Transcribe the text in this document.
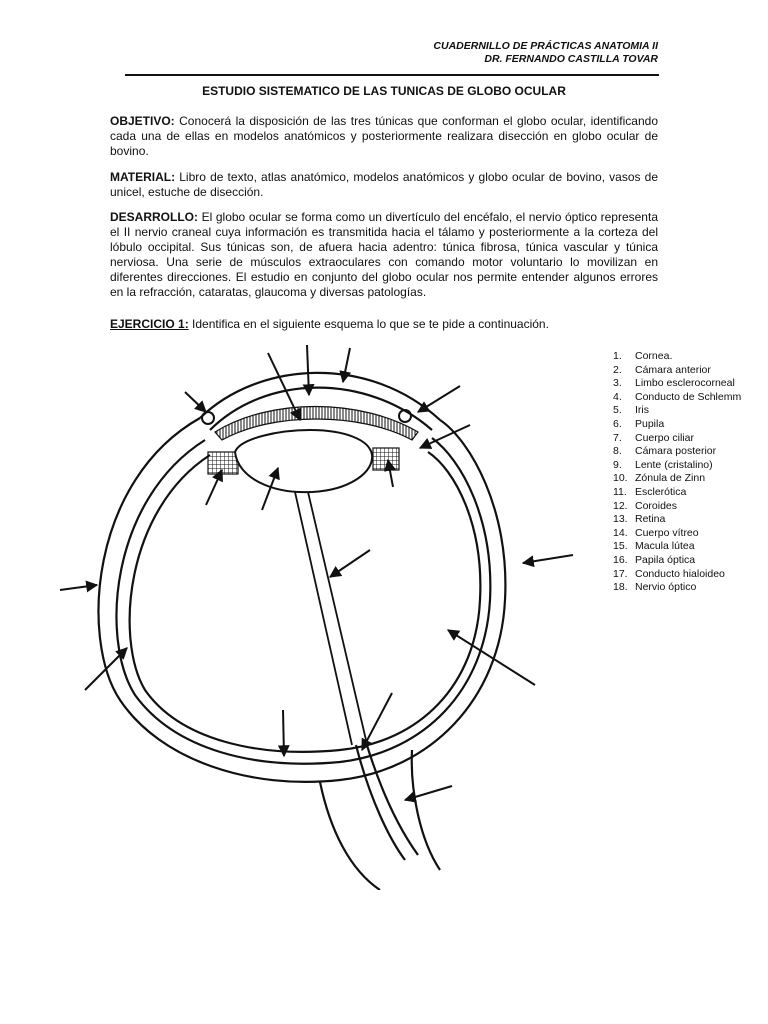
CUADERNILLO DE PRÁCTICAS ANATOMIA II
DR. FERNANDO CASTILLA TOVAR
ESTUDIO SISTEMATICO DE LAS TUNICAS DE GLOBO OCULAR

OBJETIVO: Conocerá la disposición de las tres túnicas que conforman el globo ocular, identificando cada una de ellas en modelos anatómicos y posteriormente realizara disección en globo ocular de bovino.

MATERIAL: Libro de texto, atlas anatómico, modelos anatómicos y globo ocular de bovino, vasos de unicel, estuche de disección.

DESARROLLO: El globo ocular se forma como un divertículo del encéfalo, el nervio óptico representa el II nervio craneal cuya información es transmitida hacia el tálamo y posteriormente a la corteza del lóbulo occipital. Sus túnicas son, de afuera hacia adentro: túnica fibrosa, túnica vascular y túnica nerviosa. Una serie de músculos extraoculares con comando motor voluntario lo movilizan en diferentes direcciones. El estudio en conjunto del globo ocular nos permite entender algunos errores en la refracción, cataratas, glaucoma y diversas patologías.

EJERCICIO 1: Identifica en el siguiente esquema lo que se te pide a continuación.
1. Cornea.
2. Cámara anterior
3. Limbo esclerocorneal
4. Conducto de Schlemm
5. Iris
6. Pupila
7. Cuerpo ciliar
8. Cámara posterior
9. Lente (cristalino)
10. Zónula de Zinn
11. Esclerótica
12. Coroides
13. Retina
14. Cuerpo vítreo
15. Macula lútea
16. Papila óptica
17. Conducto hialoideo
18. Nervio óptico
